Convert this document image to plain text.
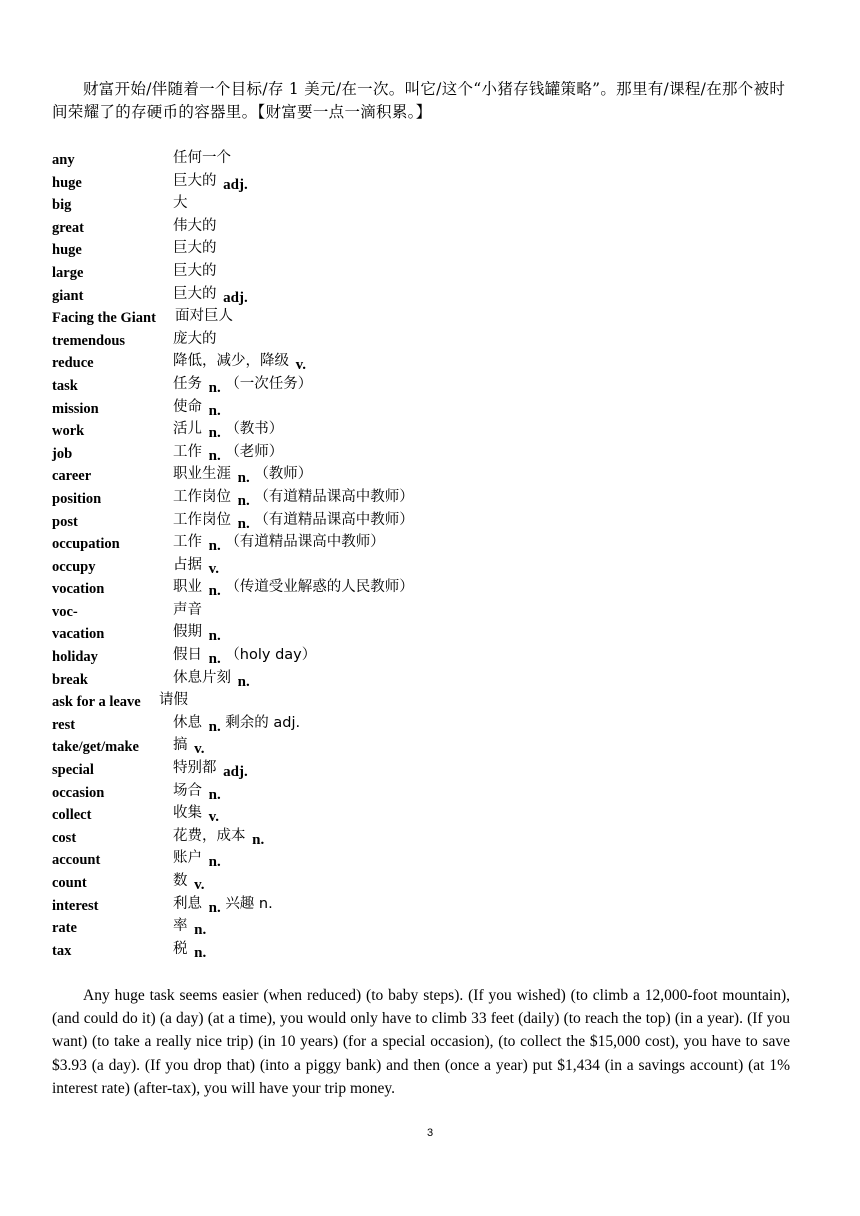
财富开始/伴随着一个目标/存 1 美元/在一次。叫它/这个“小猪存钱罐策略”。那里有/课程/在那个被时间荣耀了的存硬币的容器里。【财富要一点一滴积累。】

any	任何一个
huge	巨大的 adj.
big	大
great	伟大的
huge	巨大的
large	巨大的
giant	巨大的 adj.
Facing the Giant 面对巨人
tremendous	庞大的
reduce	降低，减少，降级 v.
task	任务 n. （一次任务）
mission	使命 n.
work	活儿 n. （教书）
job	工作 n. （老师）
career	职业生涯 n. （教师）
position	工作岗位 n. （有道精品课高中教师）
post	工作岗位 n. （有道精品课高中教师）
occupation	工作 n. （有道精品课高中教师）
occupy	占据 v.
vocation	职业 n. （传道受业解惑的人民教师）
voc-	声音
vacation	假期 n.
holiday	假日 n. （holy day）
break	休息片刻 n.
ask for a leave 请假
rest	休息 n. 剩余的 adj.
take/get/make 搞 v.
special	特别都 adj.
occasion	场合 n.
collect	收集 v.
cost	花费，成本 n.
account	账户 n.
count	数 v.
interest	利息 n. 兴趣 n.
rate	率 n.
tax	税 n.

Any huge task seems easier (when reduced) (to baby steps). (If you wished) (to climb a 12,000-foot mountain), (and could do it) (a day) (at a time), you would only have to climb 33 feet (daily) (to reach the top) (in a year). (If you want) (to take a really nice trip) (in 10 years) (for a special occasion), (to collect the $15,000 cost), you have to save $3.93 (a day). (If you drop that) (into a piggy bank) and then (once a year) put $1,434 (in a savings account) (at 1% interest rate) (after-tax), you will have your trip money.

3
